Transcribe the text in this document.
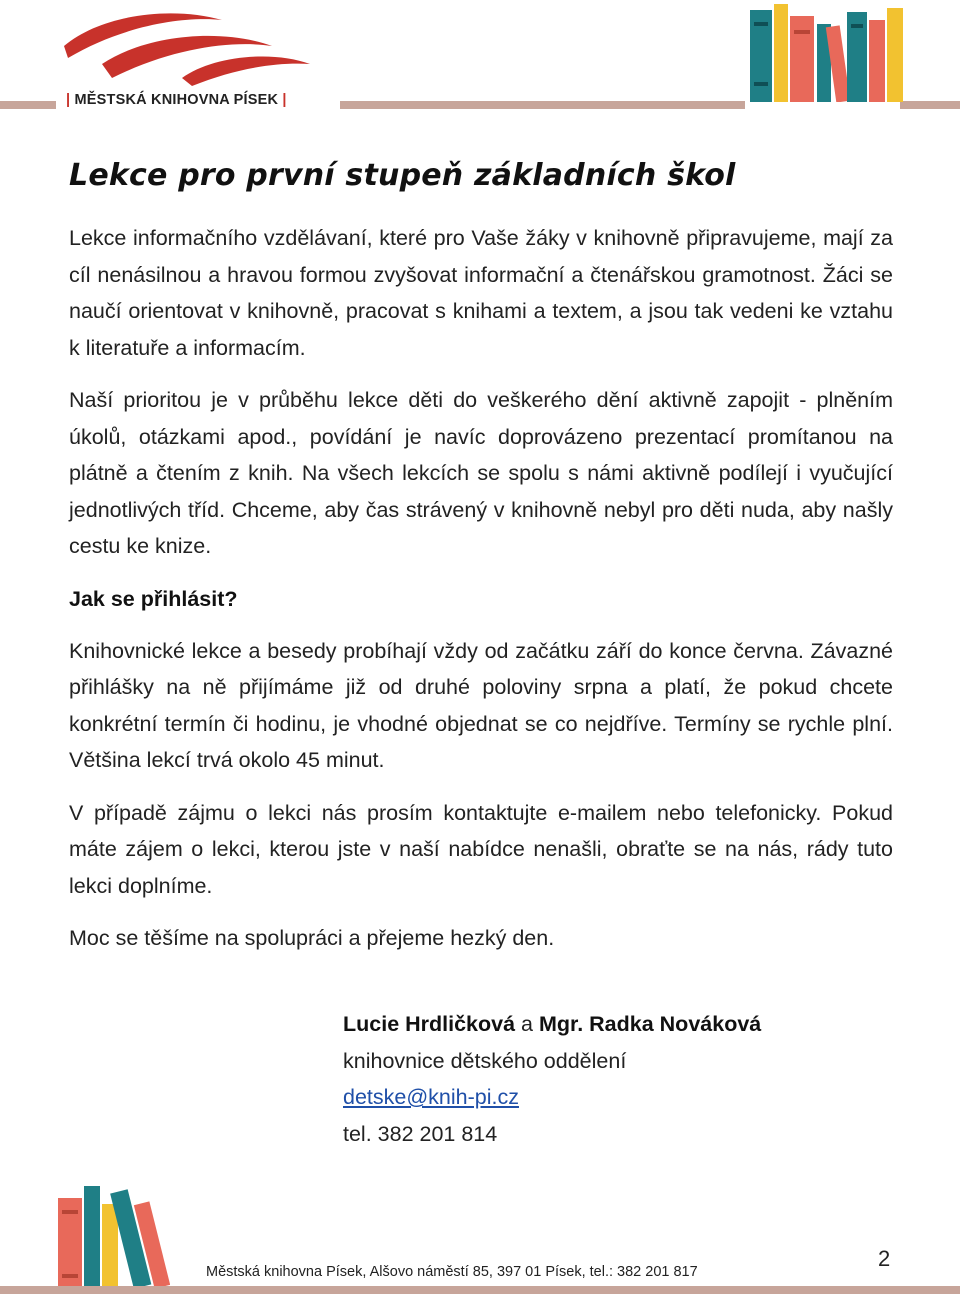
| MĚSTSKÁ KNIHOVNA PÍSEK |
Lekce pro první stupeň základních škol

Lekce informačního vzdělávaní, které pro Vaše žáky v knihovně připravujeme, mají za cíl nenásilnou a hravou formou zvyšovat informační a čtenářskou gramotnost. Žáci se naučí orientovat v knihovně, pracovat s knihami a textem, a jsou tak vedeni ke vztahu k literatuře a informacím.

Naší prioritou je v průběhu lekce děti do veškerého dění aktivně zapojit - plněním úkolů, otázkami apod., povídání je navíc doprovázeno prezentací promítanou na plátně a čtením z knih. Na všech lekcích se spolu s námi aktivně podílejí i vyučující jednotlivých tříd. Chceme, aby čas strávený v knihovně nebyl pro děti nuda, aby našly cestu ke knize.

Jak se přihlásit?

Knihovnické lekce a besedy probíhají vždy od začátku září do konce června. Závazné přihlášky na ně přijímáme již od druhé poloviny srpna a platí, že pokud chcete konkrétní termín či hodinu, je vhodné objednat se co nejdříve. Termíny se rychle plní. Většina lekcí trvá okolo 45 minut.

V případě zájmu o lekci nás prosím kontaktujte e-mailem nebo telefonicky. Pokud máte zájem o lekci, kterou jste v naší nabídce nenašli, obraťte se na nás, rády tuto lekci doplníme.

Moc se těšíme na spolupráci a přejeme hezký den.

Lucie Hrdličková a Mgr. Radka Nováková
knihovnice dětského oddělení
detske@knih-pi.cz
tel. 382 201 814
Městská knihovna Písek, Alšovo náměstí 85, 397 01 Písek, tel.: 382 201 817
2
